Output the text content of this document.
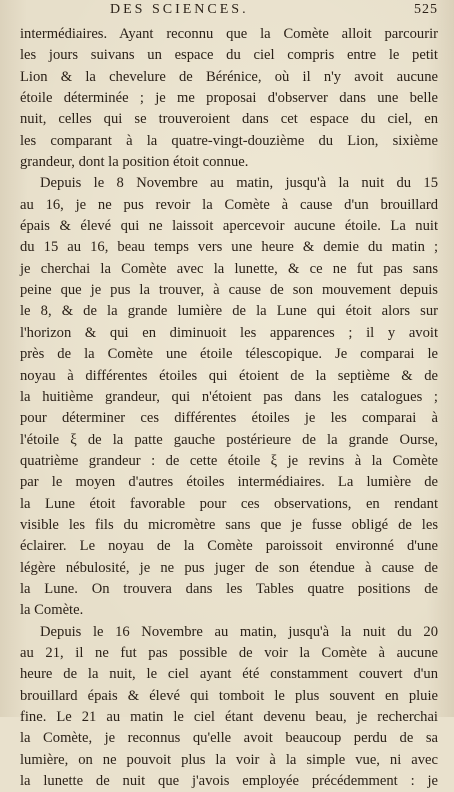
DES SCIENCES.	525

intermédiaires. Ayant reconnu que la Comète alloit parcourir
les jours suivans un espace du ciel compris entre le petit
Lion & la chevelure de Bérénice, où il n'y avoit aucune
étoile déterminée ; je me proposai d'observer dans une belle
nuit, celles qui se trouveroient dans cet espace du ciel, en
les comparant à la quatre-vingt-douzième du Lion, sixième
grandeur, dont la position étoit connue.

Depuis le 8 Novembre au matin, jusqu'à la nuit du 15
au 16, je ne pus revoir la Comète à cause d'un brouillard
épais & élevé qui ne laissoit apercevoir aucune étoile. La nuit
du 15 au 16, beau temps vers une heure & demie du matin ;
je cherchai la Comète avec la lunette, & ce ne fut pas sans
peine que je pus la trouver, à cause de son mouvement depuis
le 8, & de la grande lumière de la Lune qui étoit alors sur
l'horizon & qui en diminuoit les apparences ; il y avoit
près de la Comète une étoile télescopique. Je comparai le
noyau à différentes étoiles qui étoient de la septième & de
la huitième grandeur, qui n'étoient pas dans les catalogues ;
pour déterminer ces différentes étoiles je les comparai à
l'étoile ξ de la patte gauche postérieure de la grande Ourse,
quatrième grandeur : de cette étoile ξ je revins à la Comète
par le moyen d'autres étoiles intermédiaires. La lumière de
la Lune étoit favorable pour ces observations, en rendant
visible les fils du micromètre sans que je fusse obligé de les
éclairer. Le noyau de la Comète paroissoit environné d'une
légère nébulosité, je ne pus juger de son étendue à cause de
la Lune. On trouvera dans les Tables quatre positions de
la Comète.

Depuis le 16 Novembre au matin, jusqu'à la nuit du 20
au 21, il ne fut pas possible de voir la Comète à aucune
heure de la nuit, le ciel ayant été constamment couvert d'un
brouillard épais & élevé qui tomboit le plus souvent en pluie
fine. Le 21 au matin le ciel étant devenu beau, je recherchai
la Comète, je reconnus qu'elle avoit beaucoup perdu de sa
lumière, on ne pouvoit plus la voir à la simple vue, ni avec
la lunette de nuit que j'avois employée précédemment : je
